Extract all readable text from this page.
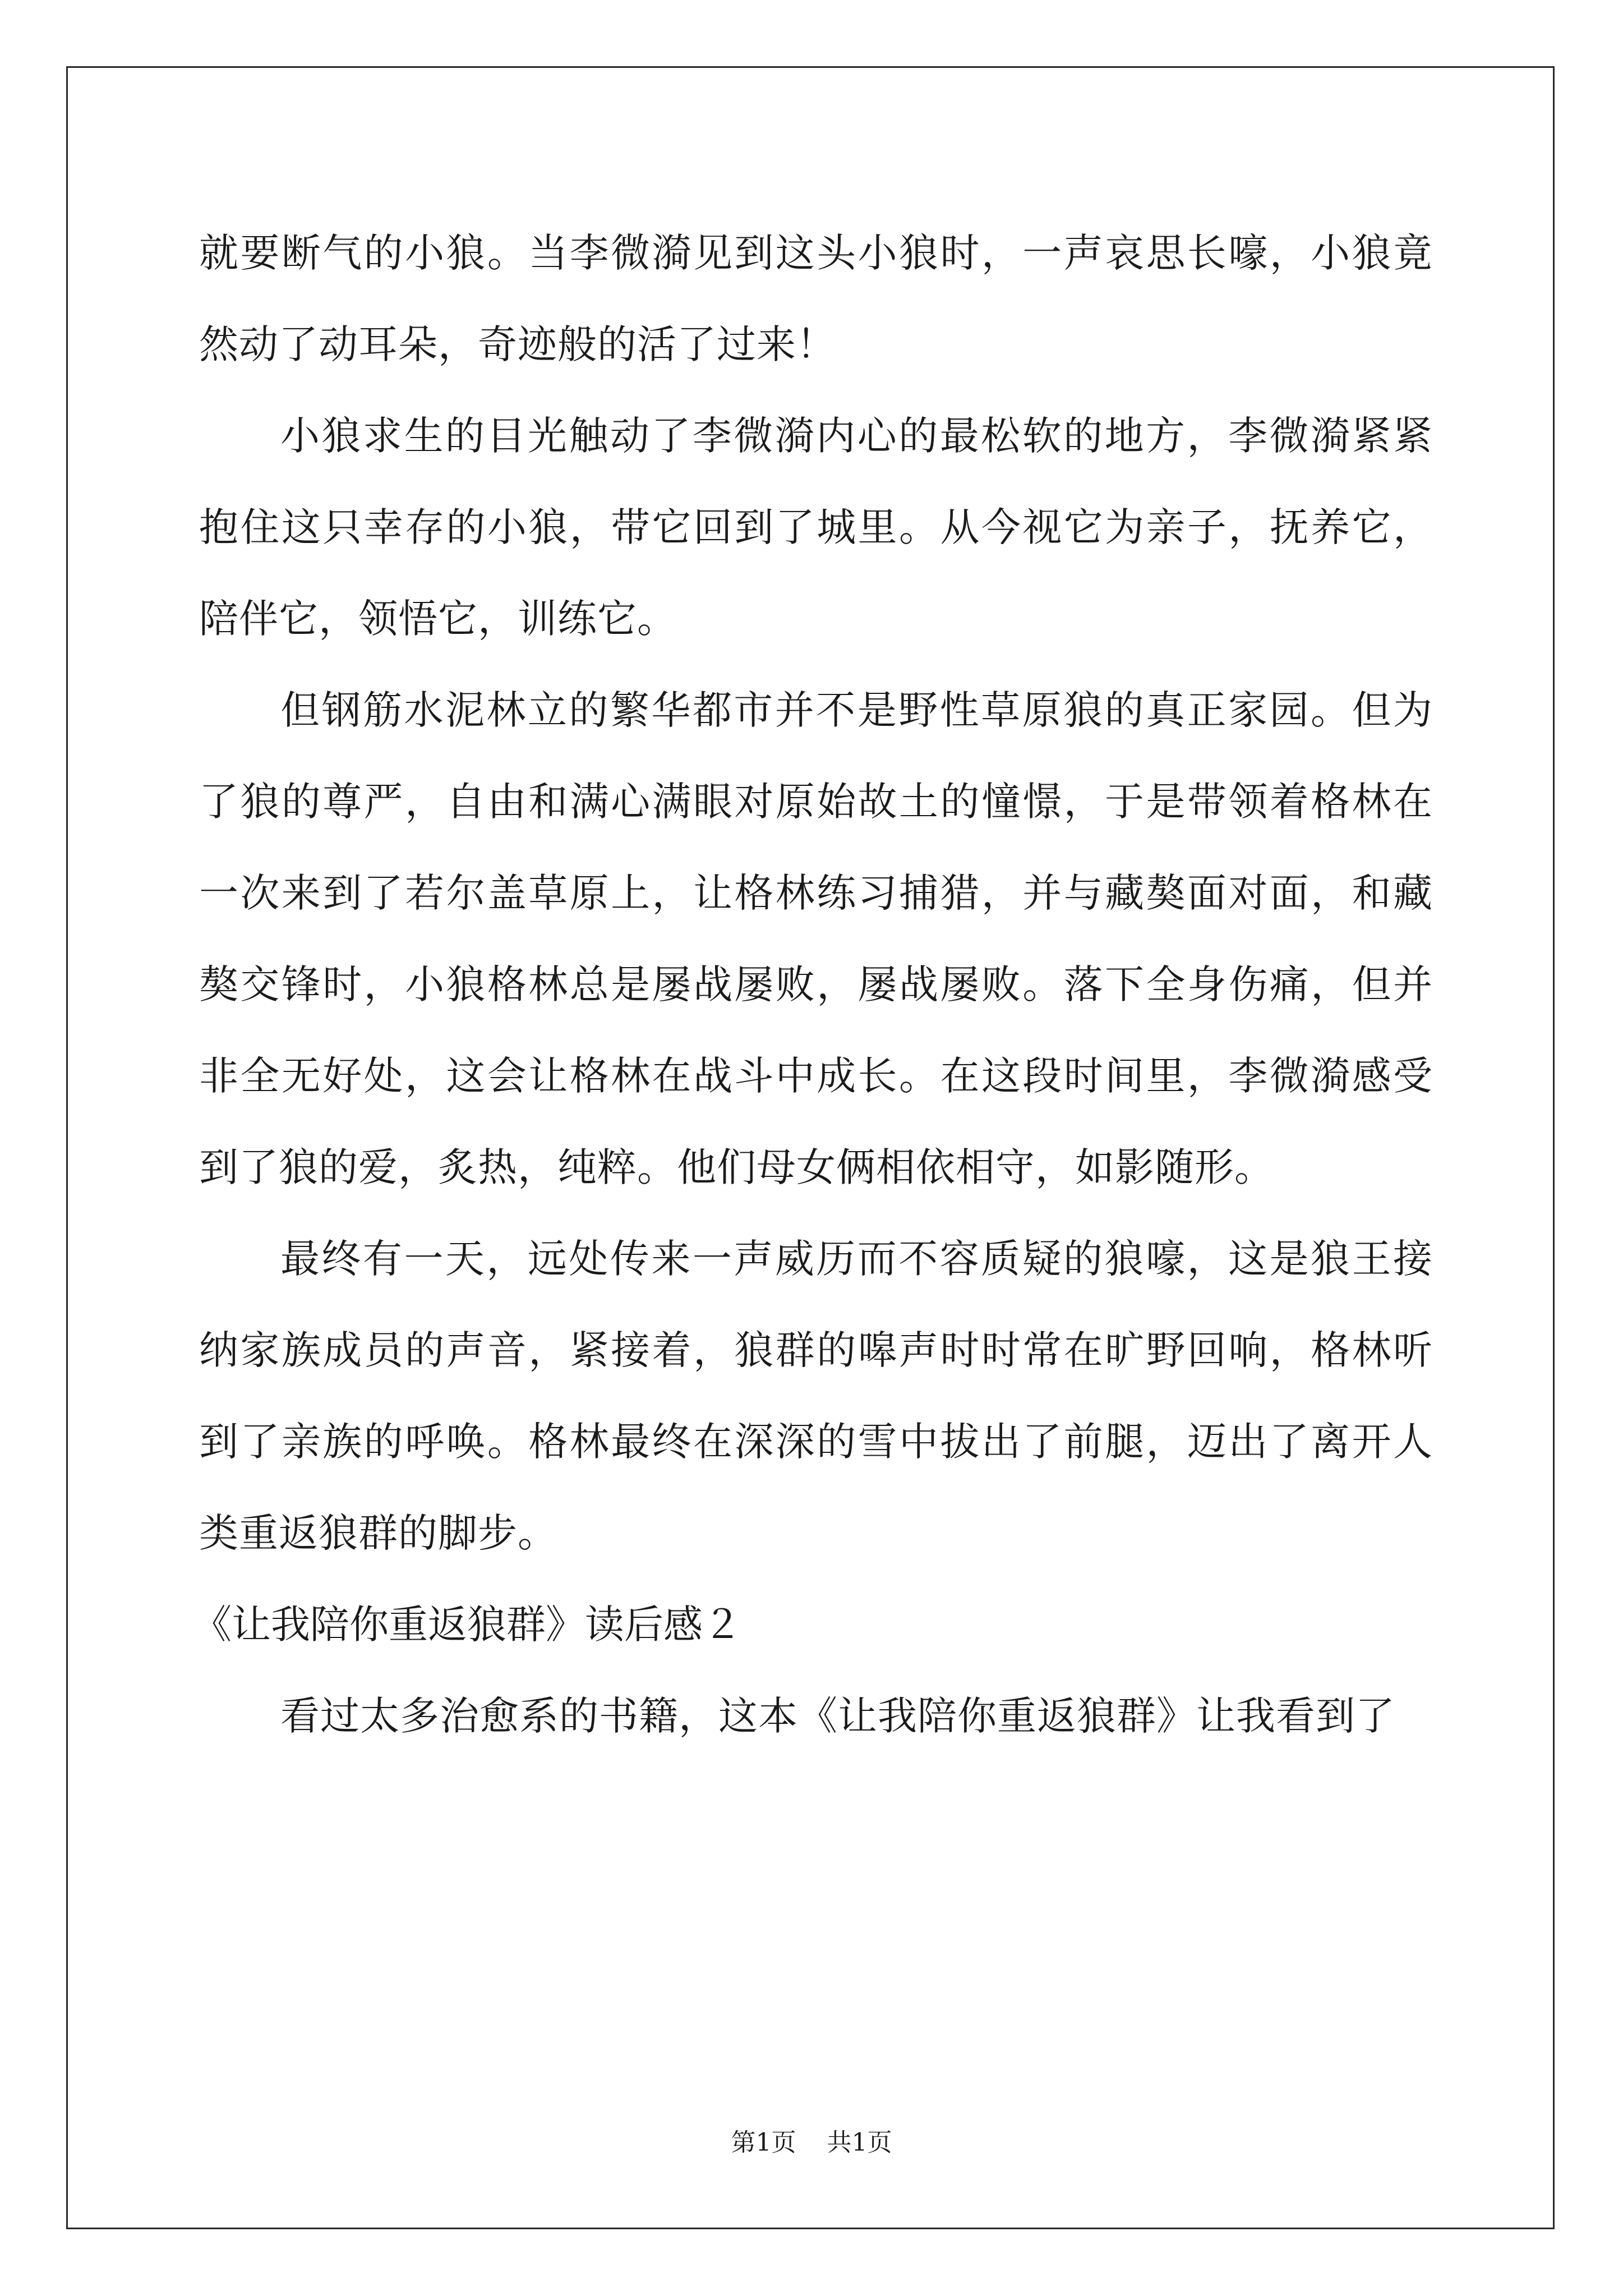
就要断气的小狼。当李微漪见到这头小狼时，一声哀思长嚎，小狼竟然动了动耳朵，奇迹般的活了过来！

小狼求生的目光触动了李微漪内心的最松软的地方，李微漪紧紧抱住这只幸存的小狼，带它回到了城里。从今视它为亲子，抚养它，陪伴它，领悟它，训练它。

但钢筋水泥林立的繁华都市并不是野性草原狼的真正家园。但为了狼的尊严，自由和满心满眼对原始故土的憧憬，于是带领着格林在一次来到了若尔盖草原上，让格林练习捕猎，并与藏獒面对面，和藏獒交锋时，小狼格林总是屡战屡败，屡战屡败。落下全身伤痛，但并非全无好处，这会让格林在战斗中成长。在这段时间里，李微漪感受到了狼的爱，炙热，纯粹。他们母女俩相依相守，如影随形。

最终有一天，远处传来一声威历而不容质疑的狼嚎，这是狼王接纳家族成员的声音，紧接着，狼群的嗥声时时常在旷野回响，格林听到了亲族的呼唤。格林最终在深深的雪中拔出了前腿，迈出了离开人类重返狼群的脚步。

《让我陪你重返狼群》读后感２

看过太多治愈系的书籍，这本《让我陪你重返狼群》让我看到了

第1页 共1页
